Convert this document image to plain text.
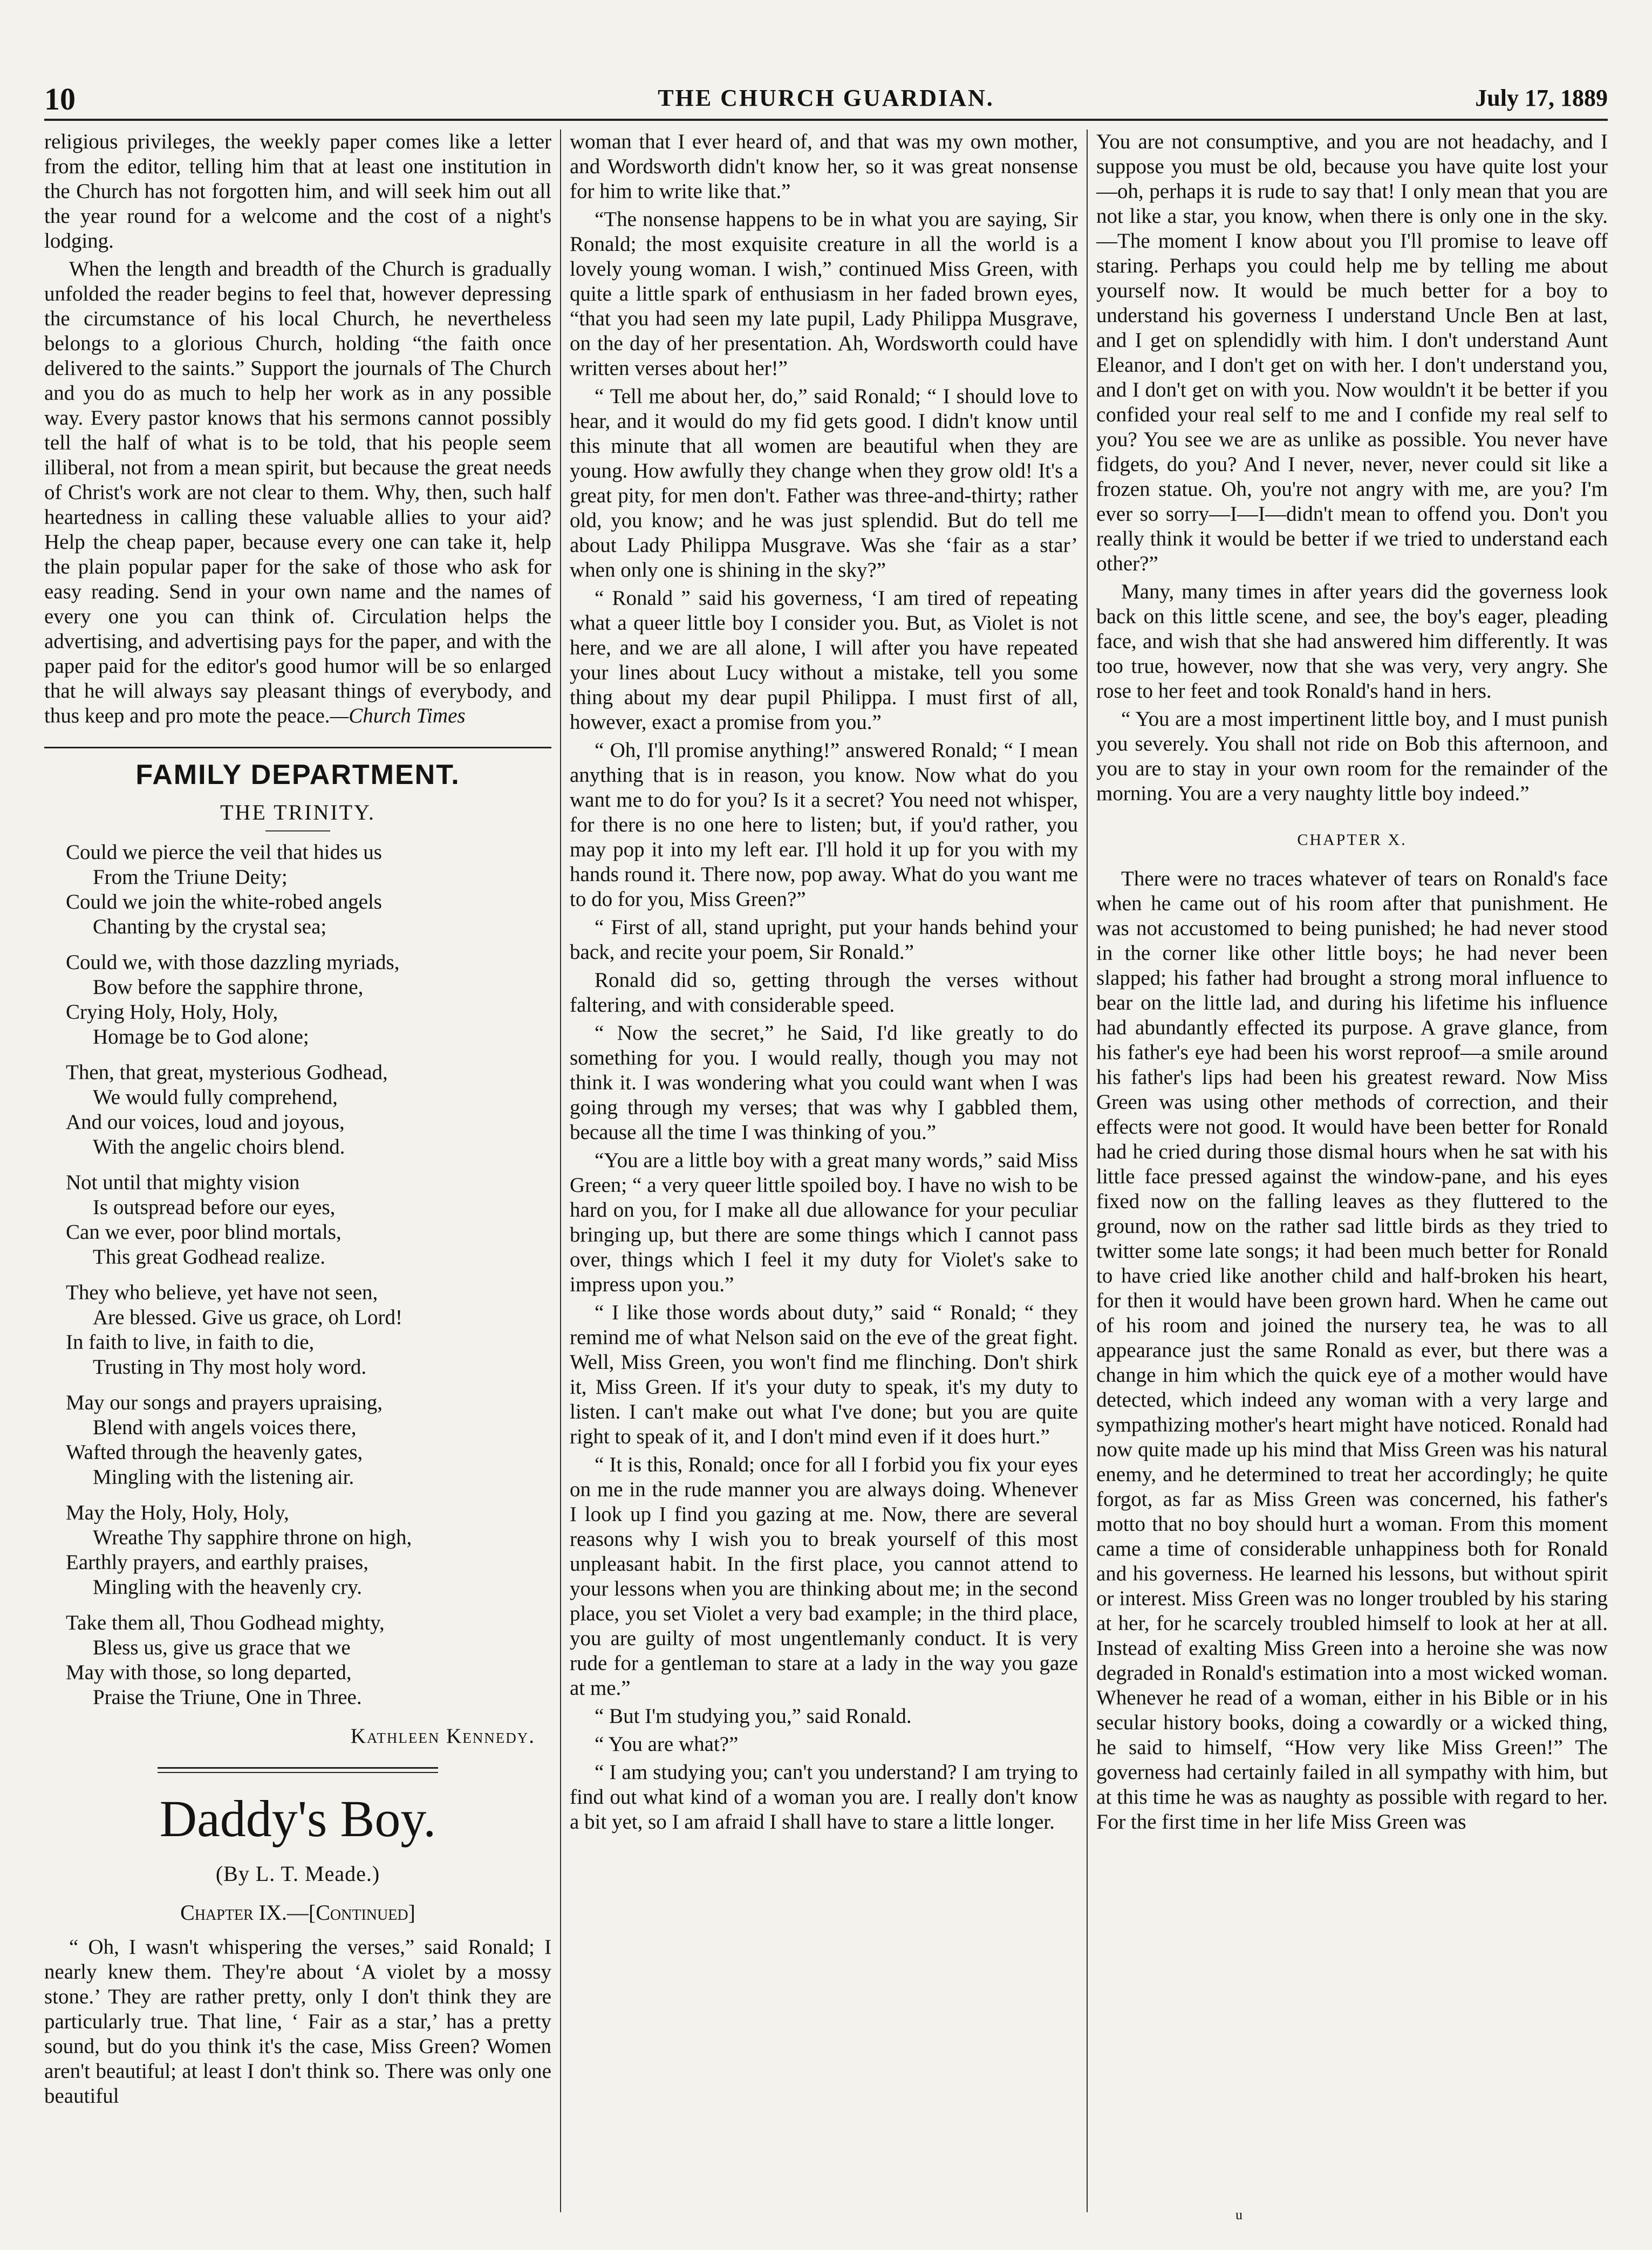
10	THE CHURCH GUARDIAN.	July 17, 1889

religious privileges, the weekly paper comes like a letter from the editor, telling him that at least one institution in the Church has not forgotten him, and will seek him out all the year round for a welcome and the cost of a night's lodging.

When the length and breadth of the Church is gradually unfolded the reader begins to feel that, however depressing the circumstance of his local Church, he nevertheless belongs to a glorious Church, holding “the faith once delivered to the saints.” Support the journals of The Church and you do as much to help her work as in any possible way. Every pastor knows that his sermons cannot possibly tell the half of what is to be told, that his people seem illiberal, not from a mean spirit, but because the great needs of Christ's work are not clear to them. Why, then, such half heartedness in calling these valuable allies to your aid? Help the cheap paper, because every one can take it, help the plain popular paper for the sake of those who ask for easy reading. Send in your own name and the names of every one you can think of. Circulation helps the advertising, and advertising pays for the paper, and with the paper paid for the editor's good humor will be so enlarged that he will always say pleasant things of everybody, and thus keep and pro mote the peace.—Church Times

FAMILY DEPARTMENT.
THE TRINITY.
Could we pierce the veil that hides us
From the Triune Deity;
Could we join the white-robed angels
Chanting by the crystal sea;
Could we, with those dazzling myriads,
Bow before the sapphire throne,
Crying Holy, Holy, Holy,
Homage be to God alone;
Then, that great, mysterious Godhead,
We would fully comprehend,
And our voices, loud and joyous,
With the angelic choirs blend.
Not until that mighty vision
Is outspread before our eyes,
Can we ever, poor blind mortals,
This great Godhead realize.
They who believe, yet have not seen,
Are blessed. Give us grace, oh Lord!
In faith to live, in faith to die,
Trusting in Thy most holy word.
May our songs and prayers upraising,
Blend with angels voices there,
Wafted through the heavenly gates,
Mingling with the listening air.
May the Holy, Holy, Holy,
Wreathe Thy sapphire throne on high,
Earthly prayers, and earthly praises,
Mingling with the heavenly cry.
Take them all, Thou Godhead mighty,
Bless us, give us grace that we
May with those, so long departed,
Praise the Triune, One in Three.
Kathleen Kennedy.
Daddy's Boy.
(By L. T. Meade.)
Chapter IX.—[Continued]

“ Oh, I wasn't whispering the verses,” said Ronald; I nearly knew them. They're about ‘A violet by a mossy stone.’ They are rather pretty, only I don't think they are particularly true. That line, ‘ Fair as a star,’ has a pretty sound, but do you think it's the case, Miss Green? Women aren't beautiful; at least I don't think so. There was only one beautiful

woman that I ever heard of, and that was my own mother, and Wordsworth didn't know her, so it was great nonsense for him to write like that.”

“The nonsense happens to be in what you are saying, Sir Ronald; the most exquisite creature in all the world is a lovely young woman. I wish,” continued Miss Green, with quite a little spark of enthusiasm in her faded brown eyes, “that you had seen my late pupil, Lady Philippa Musgrave, on the day of her presentation. Ah, Wordsworth could have written verses about her!”

“ Tell me about her, do,” said Ronald; “ I should love to hear, and it would do my fid gets good. I didn't know until this minute that all women are beautiful when they are young. How awfully they change when they grow old! It's a great pity, for men don't. Father was three-and-thirty; rather old, you know; and he was just splendid. But do tell me about Lady Philippa Musgrave. Was she ‘fair as a star’ when only one is shining in the sky?”

“ Ronald ” said his governess, ‘I am tired of repeating what a queer little boy I consider you. But, as Violet is not here, and we are all alone, I will after you have repeated your lines about Lucy without a mistake, tell you some thing about my dear pupil Philippa. I must first of all, however, exact a promise from you.”

“ Oh, I'll promise anything!” answered Ronald; “ I mean anything that is in reason, you know. Now what do you want me to do for you? Is it a secret? You need not whisper, for there is no one here to listen; but, if you'd rather, you may pop it into my left ear. I'll hold it up for you with my hands round it. There now, pop away. What do you want me to do for you, Miss Green?”

“ First of all, stand upright, put your hands behind your back, and recite your poem, Sir Ronald.”

Ronald did so, getting through the verses without faltering, and with considerable speed.

“ Now the secret,” he Said, I'd like greatly to do something for you. I would really, though you may not think it. I was wondering what you could want when I was going through my verses; that was why I gabbled them, because all the time I was thinking of you.”

“You are a little boy with a great many words,” said Miss Green; “ a very queer little spoiled boy. I have no wish to be hard on you, for I make all due allowance for your peculiar bringing up, but there are some things which I cannot pass over, things which I feel it my duty for Violet's sake to impress upon you.”

“ I like those words about duty,” said “ Ronald; “ they remind me of what Nelson said on the eve of the great fight. Well, Miss Green, you won't find me flinching. Don't shirk it, Miss Green. If it's your duty to speak, it's my duty to listen. I can't make out what I've done; but you are quite right to speak of it, and I don't mind even if it does hurt.”

“ It is this, Ronald; once for all I forbid you fix your eyes on me in the rude manner you are always doing. Whenever I look up I find you gazing at me. Now, there are several reasons why I wish you to break yourself of this most unpleasant habit. In the first place, you cannot attend to your lessons when you are thinking about me; in the second place, you set Violet a very bad example; in the third place, you are guilty of most ungentlemanly conduct. It is very rude for a gentleman to stare at a lady in the way you gaze at me.”

“ But I'm studying you,” said Ronald.

“ You are what?”

“ I am studying you; can't you understand? I am trying to find out what kind of a woman you are. I really don't know a bit yet, so I am afraid I shall have to stare a little longer.

You are not consumptive, and you are not headachy, and I suppose you must be old, because you have quite lost your—oh, perhaps it is rude to say that! I only mean that you are not like a star, you know, when there is only one in the sky.—The moment I know about you I'll promise to leave off staring. Perhaps you could help me by telling me about yourself now. It would be much better for a boy to understand his governess I understand Uncle Ben at last, and I get on splendidly with him. I don't understand Aunt Eleanor, and I don't get on with her. I don't understand you, and I don't get on with you. Now wouldn't it be better if you confided your real self to me and I confide my real self to you? You see we are as unlike as possible. You never have fidgets, do you? And I never, never, never could sit like a frozen statue. Oh, you're not angry with me, are you? I'm ever so sorry—I—I—didn't mean to offend you. Don't you really think it would be better if we tried to understand each other?”

Many, many times in after years did the governess look back on this little scene, and see, the boy's eager, pleading face, and wish that she had answered him differently. It was too true, however, now that she was very, very angry. She rose to her feet and took Ronald's hand in hers.

“ You are a most impertinent little boy, and I must punish you severely. You shall not ride on Bob this afternoon, and you are to stay in your own room for the remainder of the morning. You are a very naughty little boy indeed.”

CHAPTER X.

There were no traces whatever of tears on Ronald's face when he came out of his room after that punishment. He was not accustomed to being punished; he had never stood in the corner like other little boys; he had never been slapped; his father had brought a strong moral influence to bear on the little lad, and during his lifetime his influence had abundantly effected its purpose. A grave glance, from his father's eye had been his worst reproof—a smile around his father's lips had been his greatest reward. Now Miss Green was using other methods of correction, and their effects were not good. It would have been better for Ronald had he cried during those dismal hours when he sat with his little face pressed against the window-pane, and his eyes fixed now on the falling leaves as they fluttered to the ground, now on the rather sad little birds as they tried to twitter some late songs; it had been much better for Ronald to have cried like another child and half-broken his heart, for then it would have been grown hard. When he came out of his room and joined the nursery tea, he was to all appearance just the same Ronald as ever, but there was a change in him which the quick eye of a mother would have detected, which indeed any woman with a very large and sympathizing mother's heart might have noticed. Ronald had now quite made up his mind that Miss Green was his natural enemy, and he determined to treat her accordingly; he quite forgot, as far as Miss Green was concerned, his father's motto that no boy should hurt a woman. From this moment came a time of considerable unhappiness both for Ronald and his governess. He learned his lessons, but without spirit or interest. Miss Green was no longer troubled by his staring at her, for he scarcely troubled himself to look at her at all. Instead of exalting Miss Green into a heroine she was now degraded in Ronald's estimation into a most wicked woman. Whenever he read of a woman, either in his Bible or in his secular history books, doing a cowardly or a wicked thing, he said to himself, “How very like Miss Green!” The governess had certainly failed in all sympathy with him, but at this time he was as naughty as possible with regard to her. For the first time in her life Miss Green was

u
